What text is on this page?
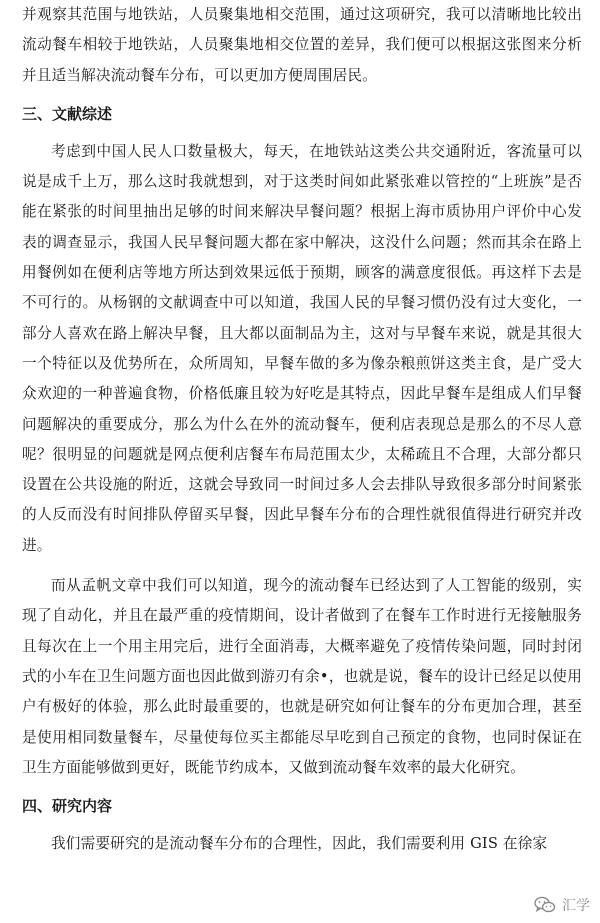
并观察其范围与地铁站，人员聚集地相交范围，通过这项研究，我可以清晰地比较出流动餐车相较于地铁站，人员聚集地相交位置的差异，我们便可以根据这张图来分析并且适当解决流动餐车分布，可以更加方便周围居民。

三、文献综述

考虑到中国人民人口数量极大，每天，在地铁站这类公共交通附近，客流量可以说是成千上万，那么这时我就想到，对于这类时间如此紧张难以管控的“上班族”是否能在紧张的时间里抽出足够的时间来解决早餐问题？根据上海市质协用户评价中心发表的调查显示，我国人民早餐问题大都在家中解决，这没什么问题；然而其余在路上用餐例如在便利店等地方所达到效果远低于预期，顾客的满意度很低。再这样下去是不可行的。从杨钢的文献调查中可以知道，我国人民的早餐习惯仍没有过大变化，一部分人喜欢在路上解决早餐，且大都以面制品为主，这对与早餐车来说，就是其很大一个特征以及优势所在，众所周知，早餐车做的多为像杂粮煎饼这类主食，是广受大众欢迎的一种普遍食物，价格低廉且较为好吃是其特点，因此早餐车是组成人们早餐问题解决的重要成分，那么为什么在外的流动餐车，便利店表现总是那么的不尽人意呢？很明显的问题就是网点便利店餐车布局范围太少，太稀疏且不合理，大部分都只设置在公共设施的附近，这就会导致同一时间过多人会去排队导致很多部分时间紧张的人反而没有时间排队停留买早餐，因此早餐车分布的合理性就很值得进行研究并改进。

而从孟帆文章中我们可以知道，现今的流动餐车已经达到了人工智能的级别，实现了自动化，并且在最严重的疫情期间，设计者做到了在餐车工作时进行无接触服务且每次在上一个用主用完后，进行全面消毒，大概率避免了疫情传染问题，同时封闭式的小车在卫生问题方面也因此做到游刃有余•，也就是说，餐车的设计已经足以使用户有极好的体验，那么此时最重要的，也就是研究如何让餐车的分布更加合理，甚至是使用相同数量餐车，尽量使每位买主都能尽早吃到自己预定的食物，也同时保证在卫生方面能够做到更好，既能节约成本，又做到流动餐车效率的最大化研究。

四、研究内容

我们需要研究的是流动餐车分布的合理性，因此，我们需要利用 GIS 在徐家

汇学
